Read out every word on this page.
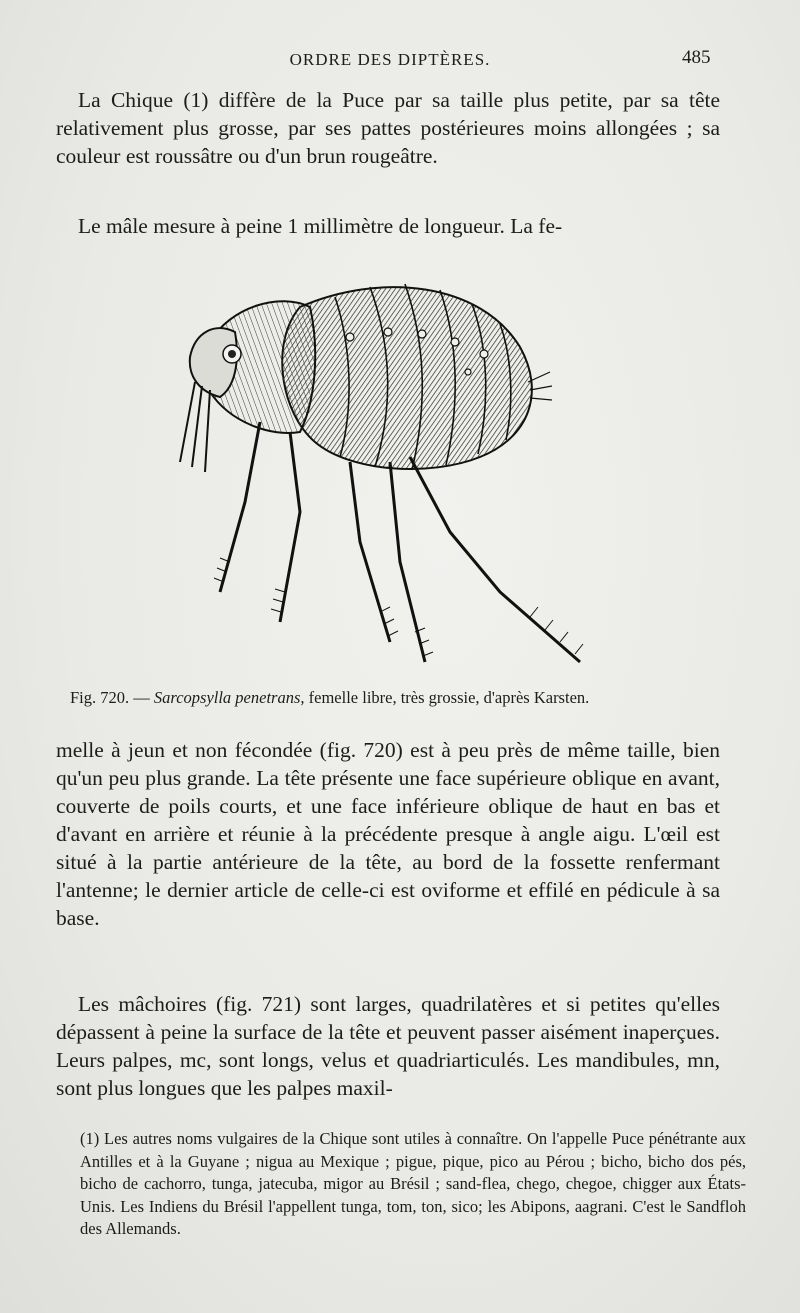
ORDRE DES DIPTÈRES.	485

La Chique (1) diffère de la Puce par sa taille plus petite, par sa tête relativement plus grosse, par ses pattes postérieures moins allongées ; sa couleur est roussâtre ou d'un brun rougeâtre.

Le mâle mesure à peine 1 millimètre de longueur. La fe-

Fig. 720. — Sarcopsylla penetrans, femelle libre, très grossie, d'après Karsten.

melle à jeun et non fécondée (fig. 720) est à peu près de même taille, bien qu'un peu plus grande. La tête présente une face supérieure oblique en avant, couverte de poils courts, et une face inférieure oblique de haut en bas et d'avant en arrière et réunie à la précédente presque à angle aigu. L'œil est situé à la partie antérieure de la tête, au bord de la fossette renfermant l'antenne; le dernier article de celle-ci est oviforme et effilé en pédicule à sa base.

Les mâchoires (fig. 721) sont larges, quadrilatères et si petites qu'elles dépassent à peine la surface de la tête et peuvent passer aisément inaperçues. Leurs palpes, mc, sont longs, velus et quadriarticulés. Les mandibules, mn, sont plus longues que les palpes maxil-

(1) Les autres noms vulgaires de la Chique sont utiles à connaître. On l'appelle Puce pénétrante aux Antilles et à la Guyane ; nigua au Mexique ; pigue, pique, pico au Pérou ; bicho, bicho dos pés, bicho de cachorro, tunga, jatecuba, migor au Brésil ; sand-flea, chego, chegoe, chigger aux États-Unis. Les Indiens du Brésil l'appellent tunga, tom, ton, sico; les Abipons, aagrani. C'est le Sandfloh des Allemands.
